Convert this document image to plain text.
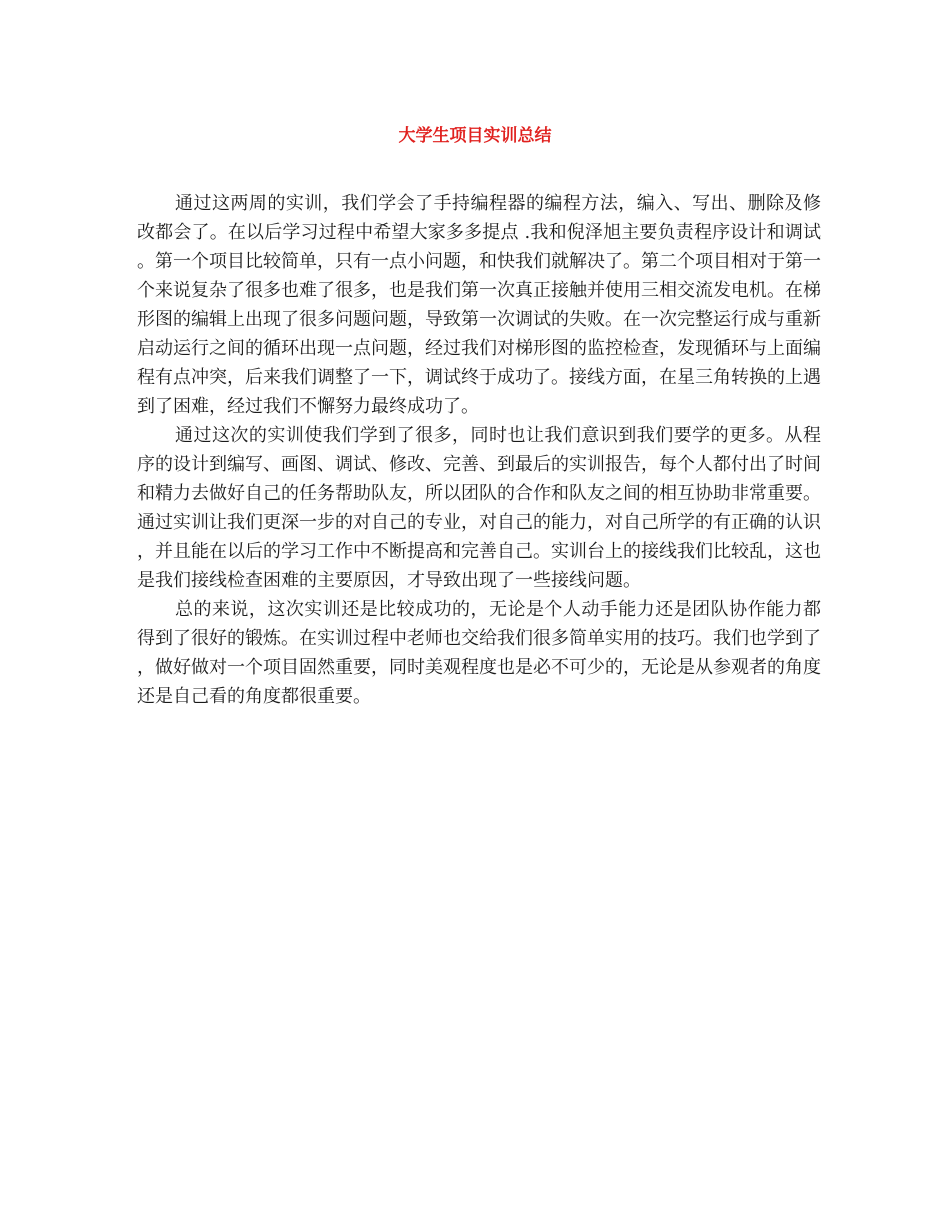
大学生项目实训总结

通过这两周的实训，我们学会了手持编程器的编程方法，编入、写出、删除及修改都会了。在以后学习过程中希望大家多多提点 .我和倪泽旭主要负责程序设计和调试。第一个项目比较简单，只有一点小问题，和快我们就解决了。第二个项目相对于第一个来说复杂了很多也难了很多，也是我们第一次真正接触并使用三相交流发电机。在梯形图的编辑上出现了很多问题问题，导致第一次调试的失败。在一次完整运行成与重新启动运行之间的循环出现一点问题，经过我们对梯形图的监控检查，发现循环与上面编程有点冲突，后来我们调整了一下，调试终于成功了。接线方面，在星三角转换的上遇到了困难，经过我们不懈努力最终成功了。

通过这次的实训使我们学到了很多，同时也让我们意识到我们要学的更多。从程序的设计到编写、画图、调试、修改、完善、到最后的实训报告，每个人都付出了时间和精力去做好自己的任务帮助队友，所以团队的合作和队友之间的相互协助非常重要。通过实训让我们更深一步的对自己的专业，对自己的能力，对自己所学的有正确的认识，并且能在以后的学习工作中不断提高和完善自己。实训台上的接线我们比较乱，这也是我们接线检查困难的主要原因，才导致出现了一些接线问题。

总的来说，这次实训还是比较成功的，无论是个人动手能力还是团队协作能力都得到了很好的锻炼。在实训过程中老师也交给我们很多简单实用的技巧。我们也学到了，做好做对一个项目固然重要，同时美观程度也是必不可少的，无论是从参观者的角度还是自己看的角度都很重要。
